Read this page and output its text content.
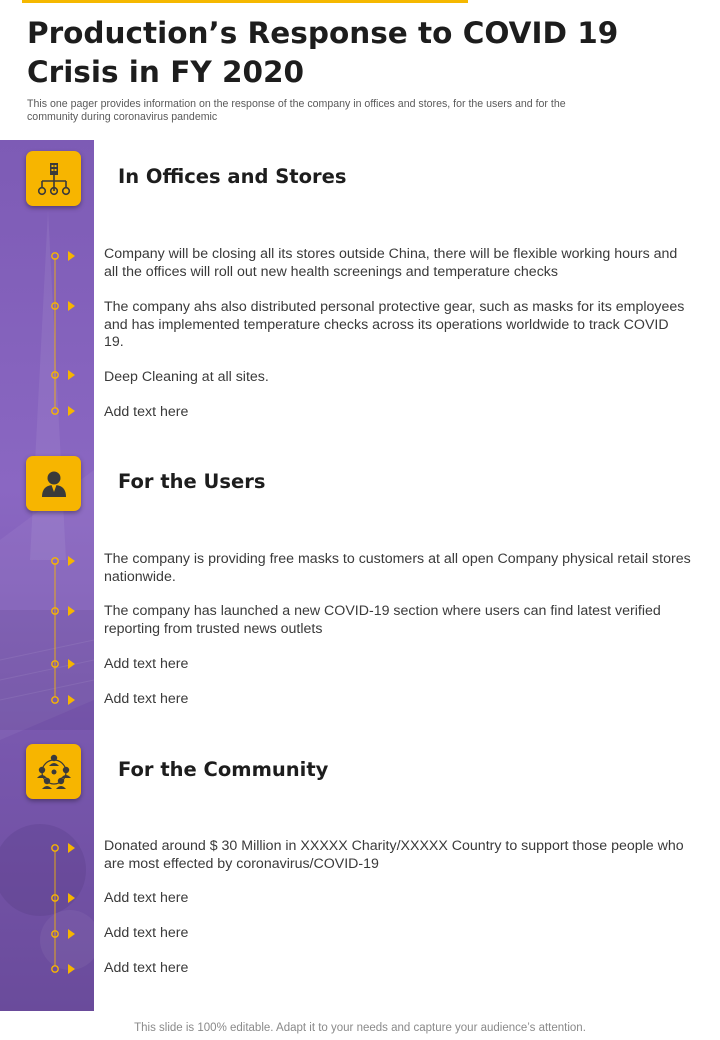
Production’s Response to COVID 19
Crisis in FY 2020

This one pager provides information on the response of the company in offices and stores, for the users and for the
community during coronavirus pandemic

In Offices and Stores

Company will be closing all its stores outside China, there will be flexible working hours and
all the offices will roll out new health screenings and temperature checks

The company ahs also distributed personal protective gear, such as masks for its employees
and has implemented temperature checks across its operations worldwide to track COVID
19.

Deep Cleaning at all sites.

Add text here

For the Users

The company is providing free masks to customers at all open Company physical retail stores
nationwide.

The company has launched a new COVID-19 section where users can find latest verified
reporting from trusted news outlets

Add text here

Add text here

For the Community

Donated around $ 30 Million in XXXXX Charity/XXXXX Country to support those people who
are most effected by coronavirus/COVID-19

Add text here

Add text here

Add text here

This slide is 100% editable. Adapt it to your needs and capture your audience’s attention.
